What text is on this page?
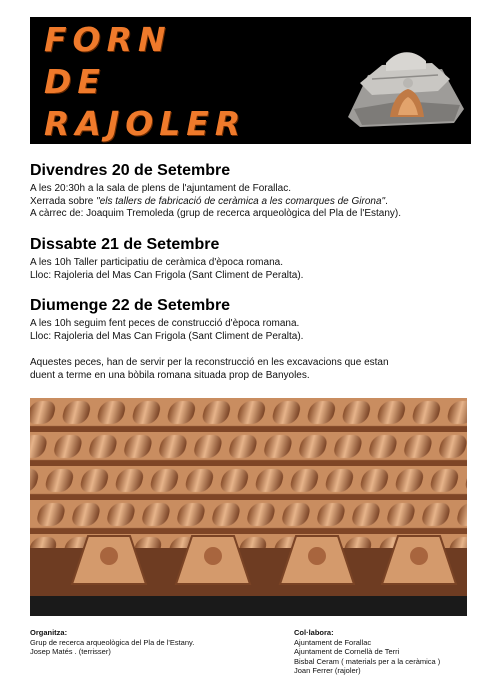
FORN

DE

RAJOLER

Divendres 20 de Setembre

A les 20:30h a la sala de plens de l'ajuntament de Forallac.

Xerrada sobre "els tallers de fabricació de ceràmica a les comarques de Girona".

A càrrec de: Joaquim Tremoleda (grup de recerca arqueològica del Pla de l'Estany).

Dissabte 21 de Setembre

A les 10h Taller participatiu de ceràmica d'època romana.

Lloc: Rajoleria del Mas Can Frigola (Sant Climent de Peralta).

Diumenge 22 de Setembre

A les 10h seguim fent peces de construcció d'època romana.

Lloc: Rajoleria del Mas Can Frigola (Sant Climent de Peralta).

Aquestes peces, han de servir per la reconstrucció en les excavacions que estan

duent a terme en una bòbila romana situada prop de Banyoles.

Organitza:

Grup de recerca arqueològica del Pla de l'Estany.

Josep Matés . (terrisser)

Col·labora:

Ajuntament de Forallac

Ajuntament de Cornellà de Terri

Bisbal Ceram ( materials per a la ceràmica )

Joan Ferrer (rajoler)
